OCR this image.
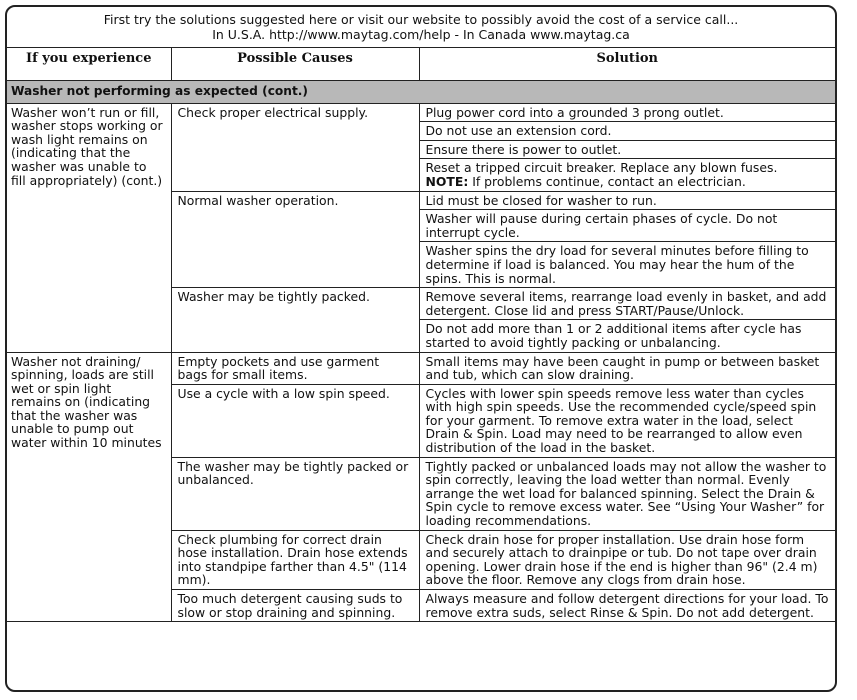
First try the solutions suggested here or visit our website to possibly avoid the cost of a service call...
In U.S.A. http://www.maytag.com/help - In Canada www.maytag.ca
If you experience	Possible Causes	Solution
Washer not performing as expected (cont.)		
Washer won’t run or fill, washer stops working or wash light remains on (indicating that the washer was unable to fill appropriately) (cont.)	Check proper electrical supply.	Plug power cord into a grounded 3 prong outlet.
		Do not use an extension cord.
		Ensure there is power to outlet.
		Reset a tripped circuit breaker. Replace any blown fuses.
NOTE: If problems continue, contact an electrician.
	Normal washer operation.	Lid must be closed for washer to run.
		Washer will pause during certain phases of cycle. Do not interrupt cycle.
		Washer spins the dry load for several minutes before filling to determine if load is balanced. You may hear the hum of the spins. This is normal.
	Washer may be tightly packed.	Remove several items, rearrange load evenly in basket, and add detergent. Close lid and press START/Pause/Unlock.
		Do not add more than 1 or 2 additional items after cycle has started to avoid tightly packing or unbalancing.
Washer not draining/ spinning, loads are still wet or spin light remains on (indicating that the washer was unable to pump out water within 10 minutes	Empty pockets and use garment bags for small items.	Small items may have been caught in pump or between basket and tub, which can slow draining.
	Use a cycle with a low spin speed.	Cycles with lower spin speeds remove less water than cycles with high spin speeds. Use the recommended cycle/speed spin for your garment. To remove extra water in the load, select Drain & Spin. Load may need to be rearranged to allow even distribution of the load in the basket.
	The washer may be tightly packed or unbalanced.	Tightly packed or unbalanced loads may not allow the washer to spin correctly, leaving the load wetter than normal. Evenly arrange the wet load for balanced spinning. Select the Drain & Spin cycle to remove excess water. See “Using Your Washer” for loading recommendations.
	Check plumbing for correct drain hose installation. Drain hose extends into standpipe farther than 4.5" (114 mm).	Check drain hose for proper installation. Use drain hose form and securely attach to drainpipe or tub. Do not tape over drain opening. Lower drain hose if the end is higher than 96" (2.4 m) above the floor. Remove any clogs from drain hose.
	Too much detergent causing suds to slow or stop draining and spinning.	Always measure and follow detergent directions for your load. To remove extra suds, select Rinse & Spin. Do not add detergent.
